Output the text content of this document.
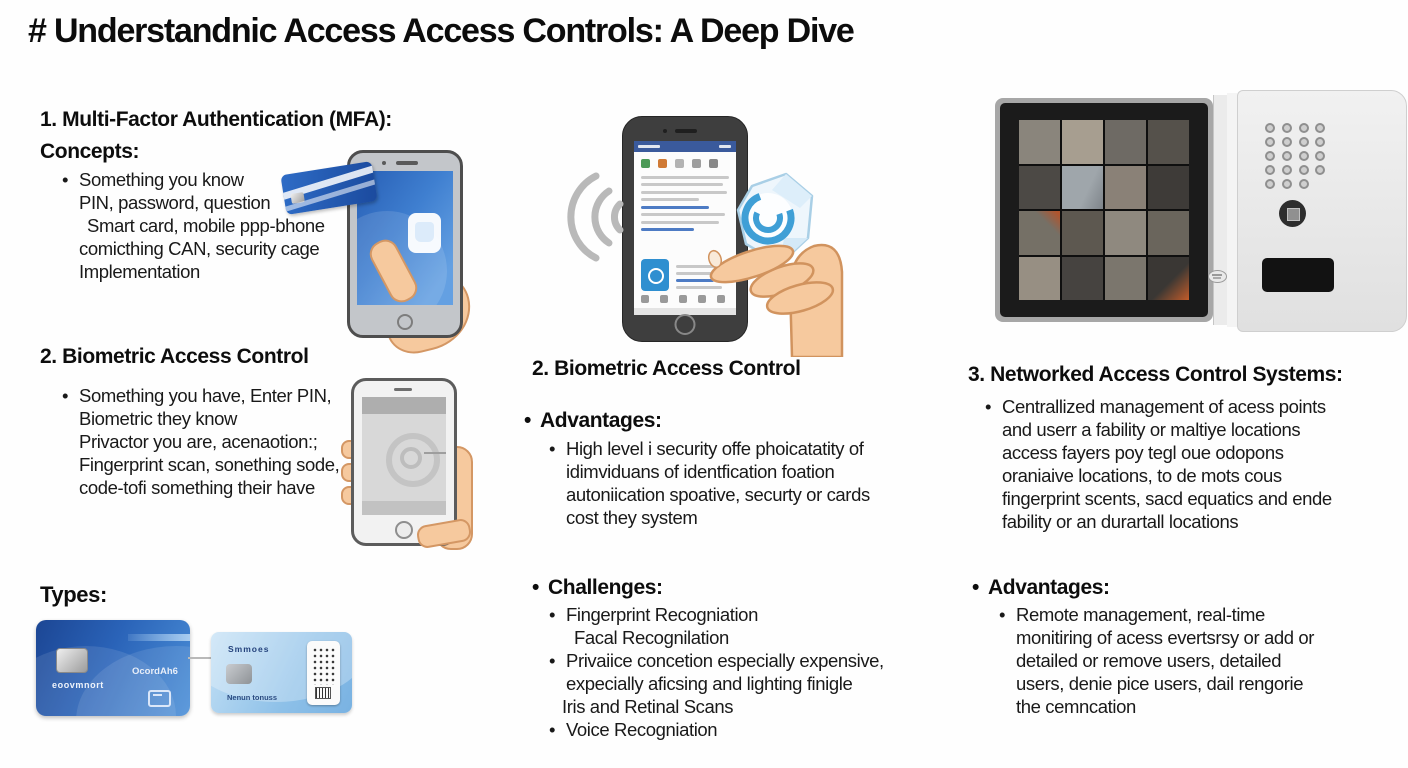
# Understandnic Access Access Controls: A Deep Dive
1. Multi-Factor Authentication (MFA):
Concepts:
• Something you know
PIN, password, question
Smart card, mobile ppp-bhone
comicthing CAN, security cage
Implementation
2. Biometric Access Control
• Something you have, Enter PIN,
Biometric they know
Privactor you are, acenaotion:;
Fingerprint scan, sonething sode,
code-tofi something their have
Types:
eoovmnort
OcordAh6
Smmoes
Nenun tonuss
2. Biometric Access Control
• Advantages:
• High level i security offe phoicatatity of
idimviduans of identfication foation
autoniication spoative, securty or cards
cost they system
• Challenges:
• Fingerprint Recogniation
Facal Recognilation
• Privaiice concetion especially expensive,
expecially aficsing and lighting finigle
Iris and Retinal Scans
• Voice Recogniation
3. Networked Access Control Systems:
• Centrallized management of acess points
and userr a fability or maltiye locations
access fayers poy tegl oue odopons
oraniaive locations, to de mots cous
fingerprint scents, sacd equatics and ende
fability or an durartall locations
• Advantages:
• Remote management, real-time
monitiring of acess evertsrsy or add or
detailed or remove users, detailed
users, denie pice users, dail rengorie
the cemncation
